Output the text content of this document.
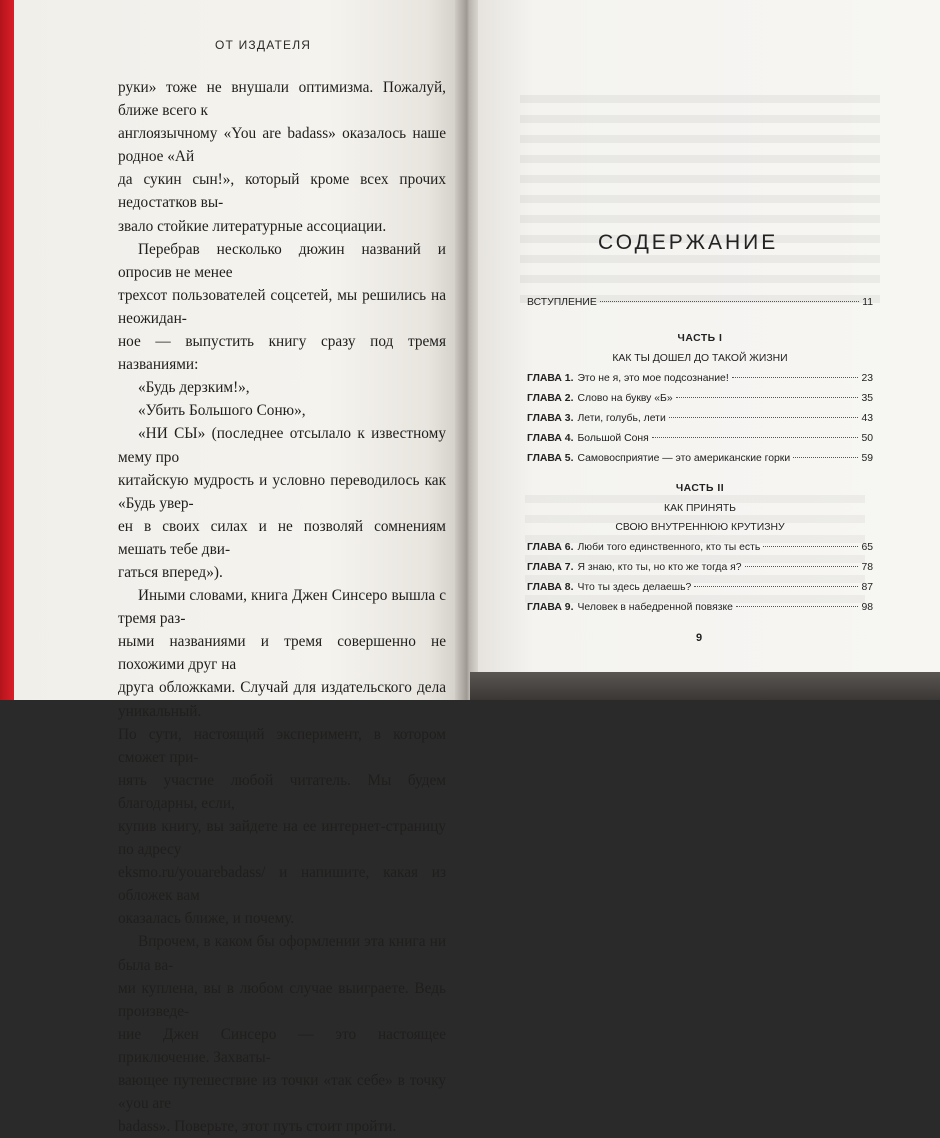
ОТ ИЗДАТЕЛЯ

руки» тоже не внушали оптимизма. Пожалуй, ближе всего к

англоязычному «You are badass» оказалось наше родное «Ай

да сукин сын!», который кроме всех прочих недостатков вы-

звало стойкие литературные ассоциации.

Перебрав несколько дюжин названий и опросив не менее

трехсот пользователей соцсетей, мы решились на неожидан-

ное — выпустить книгу сразу под тремя названиями:

«Будь дерзким!»,

«Убить Большого Соню»,

«НИ СЫ» (последнее отсылало к известному мему про

китайскую мудрость и условно переводилось как «Будь увер-

ен в своих силах и не позволяй сомнениям мешать тебе дви-

гаться вперед»).

Иными словами, книга Джен Синсеро вышла с тремя раз-

ными названиями и тремя совершенно не похожими друг на

друга обложками. Случай для издательского дела уникальный.

По сути, настоящий эксперимент, в котором сможет при-

нять участие любой читатель. Мы будем благодарны, если,

купив книгу, вы зайдете на ее интернет-страницу по адресу

eksmo.ru/youarebadass/ и напишите, какая из обложек вам

оказалась ближе, и почему.

Впрочем, в каком бы оформлении эта книга ни была ва-

ми куплена, вы в любом случае выиграете. Ведь произведе-

ние Джен Синсеро — это настоящее приключение. Захваты-

вающее путешествие из точки «так себе» в точку «you are

badass». Поверьте, этот путь стоит пройти.

СОДЕРЖАНИЕ
ВСТУПЛЕНИЕ	11
ЧАСТЬ I
КАК ТЫ ДОШЕЛ ДО ТАКОЙ ЖИЗНИ
ГЛАВА 1. Это не я, это мое подсознание!	23
ГЛАВА 2. Слово на букву «Б»	35
ГЛАВА 3. Лети, голубь, лети	43
ГЛАВА 4. Большой Соня	50
ГЛАВА 5. Самовосприятие — это американские горки	59
ЧАСТЬ II
КАК ПРИНЯТЬ
СВОЮ ВНУТРЕННЮЮ КРУТИЗНУ
ГЛАВА 6. Люби того единственного, кто ты есть	65
ГЛАВА 7. Я знаю, кто ты, но кто же тогда я?	78
ГЛАВА 8. Что ты здесь делаешь?	87
ГЛАВА 9. Человек в набедренной повязке	98
9
